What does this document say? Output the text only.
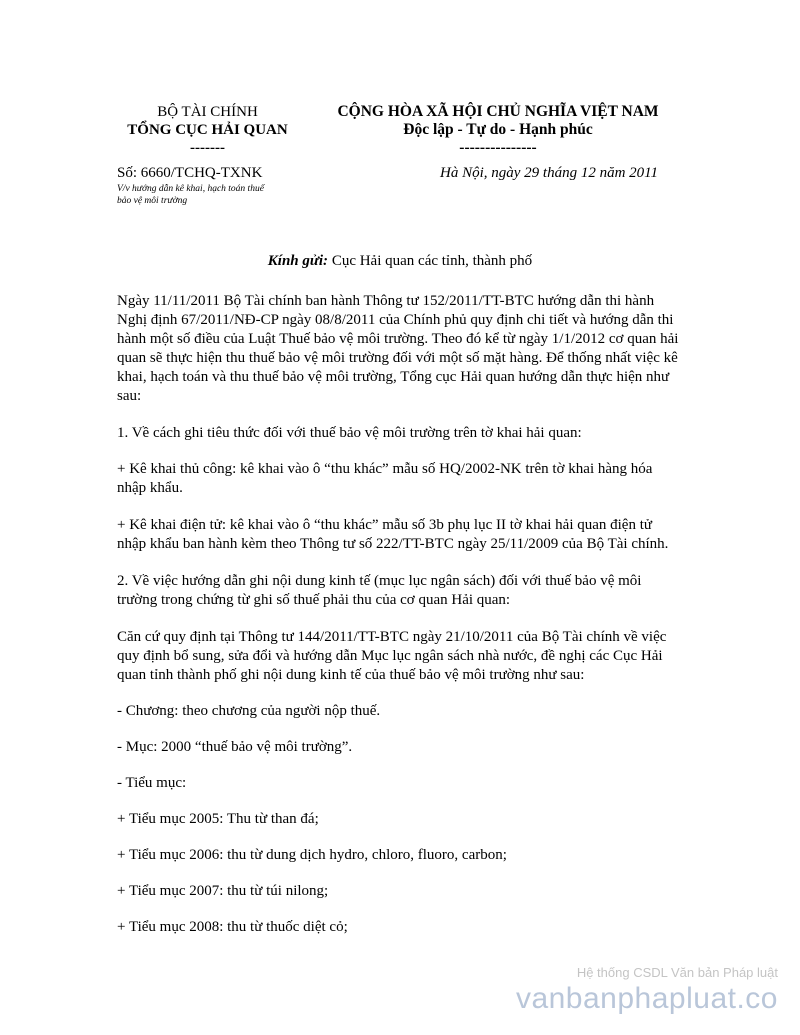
BỘ TÀI CHÍNH
TỔNG CỤC HẢI QUAN
-------
CỘNG HÒA XÃ HỘI CHỦ NGHĨA VIỆT NAM
Độc lập - Tự do - Hạnh phúc
---------------
Số: 6660/TCHQ-TXNK
V/v hướng dẫn kê khai, hạch toán thuế
bảo vệ môi trường
Hà Nội, ngày 29 tháng 12 năm 2011
Kính gửi: Cục Hải quan các tỉnh, thành phố

Ngày 11/11/2011 Bộ Tài chính ban hành Thông tư 152/2011/TT-BTC hướng dẫn thi hành Nghị định 67/2011/NĐ-CP ngày 08/8/2011 của Chính phủ quy định chi tiết và hướng dẫn thi hành một số điều của Luật Thuế bảo vệ môi trường. Theo đó kể từ ngày 1/1/2012 cơ quan hải quan sẽ thực hiện thu thuế bảo vệ môi trường đối với một số mặt hàng. Để thống nhất việc kê khai, hạch toán và thu thuế bảo vệ môi trường, Tổng cục Hải quan hướng dẫn thực hiện như sau:

1. Về cách ghi tiêu thức đối với thuế bảo vệ môi trường trên tờ khai hải quan:

+ Kê khai thủ công: kê khai vào ô “thu khác” mẫu số HQ/2002-NK trên tờ khai hàng hóa nhập khẩu.

+ Kê khai điện tử: kê khai vào ô “thu khác” mẫu số 3b phụ lục II tờ khai hải quan điện tử nhập khẩu ban hành kèm theo Thông tư số 222/TT-BTC ngày 25/11/2009 của Bộ Tài chính.

2. Về việc hướng dẫn ghi nội dung kinh tế (mục lục ngân sách) đối với thuế bảo vệ môi trường trong chứng từ ghi số thuế phải thu của cơ quan Hải quan:

Căn cứ quy định tại Thông tư 144/2011/TT-BTC ngày 21/10/2011 của Bộ Tài chính về việc quy định bổ sung, sửa đổi và hướng dẫn Mục lục ngân sách nhà nước, đề nghị các Cục Hải quan tỉnh thành phố ghi nội dung kinh tế của thuế bảo vệ môi trường như sau:

- Chương: theo chương của người nộp thuế.

- Mục: 2000 “thuế bảo vệ môi trường”.

- Tiểu mục:

+ Tiểu mục 2005: Thu từ than đá;

+ Tiểu mục 2006: thu từ dung dịch hydro, chloro, fluoro, carbon;

+ Tiểu mục 2007: thu từ túi nilong;

+ Tiểu mục 2008: thu từ thuốc diệt cỏ;

Hệ thống CSDL Văn bản Pháp luật
vanbanphapluat.co
